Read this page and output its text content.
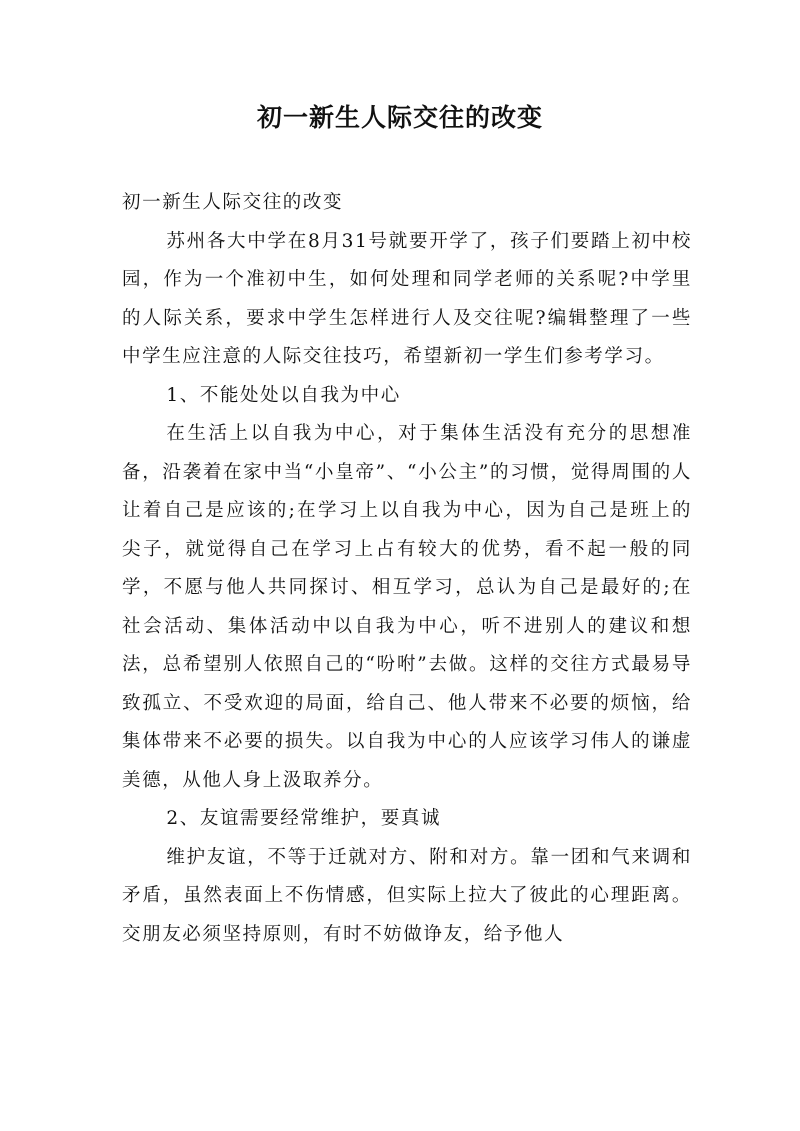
初一新生人际交往的改变

初一新生人际交往的改变

苏州各大中学在8月31号就要开学了，孩子们要踏上初中校园，作为一个准初中生，如何处理和同学老师的关系呢?中学里的人际关系，要求中学生怎样进行人及交往呢?编辑整理了一些中学生应注意的人际交往技巧，希望新初一学生们参考学习。

1、不能处处以自我为中心

在生活上以自我为中心，对于集体生活没有充分的思想准备，沿袭着在家中当“小皇帝”、“小公主”的习惯，觉得周围的人让着自己是应该的;在学习上以自我为中心，因为自己是班上的尖子，就觉得自己在学习上占有较大的优势，看不起一般的同学，不愿与他人共同探讨、相互学习，总认为自己是最好的;在社会活动、集体活动中以自我为中心，听不进别人的建议和想法，总希望别人依照自己的“吩咐”去做。这样的交往方式最易导致孤立、不受欢迎的局面，给自己、他人带来不必要的烦恼，给集体带来不必要的损失。以自我为中心的人应该学习伟人的谦虚美德，从他人身上汲取养分。

2、友谊需要经常维护，要真诚

维护友谊，不等于迁就对方、附和对方。靠一团和气来调和矛盾，虽然表面上不伤情感，但实际上拉大了彼此的心理距离。交朋友必须坚持原则，有时不妨做诤友，给予他人
